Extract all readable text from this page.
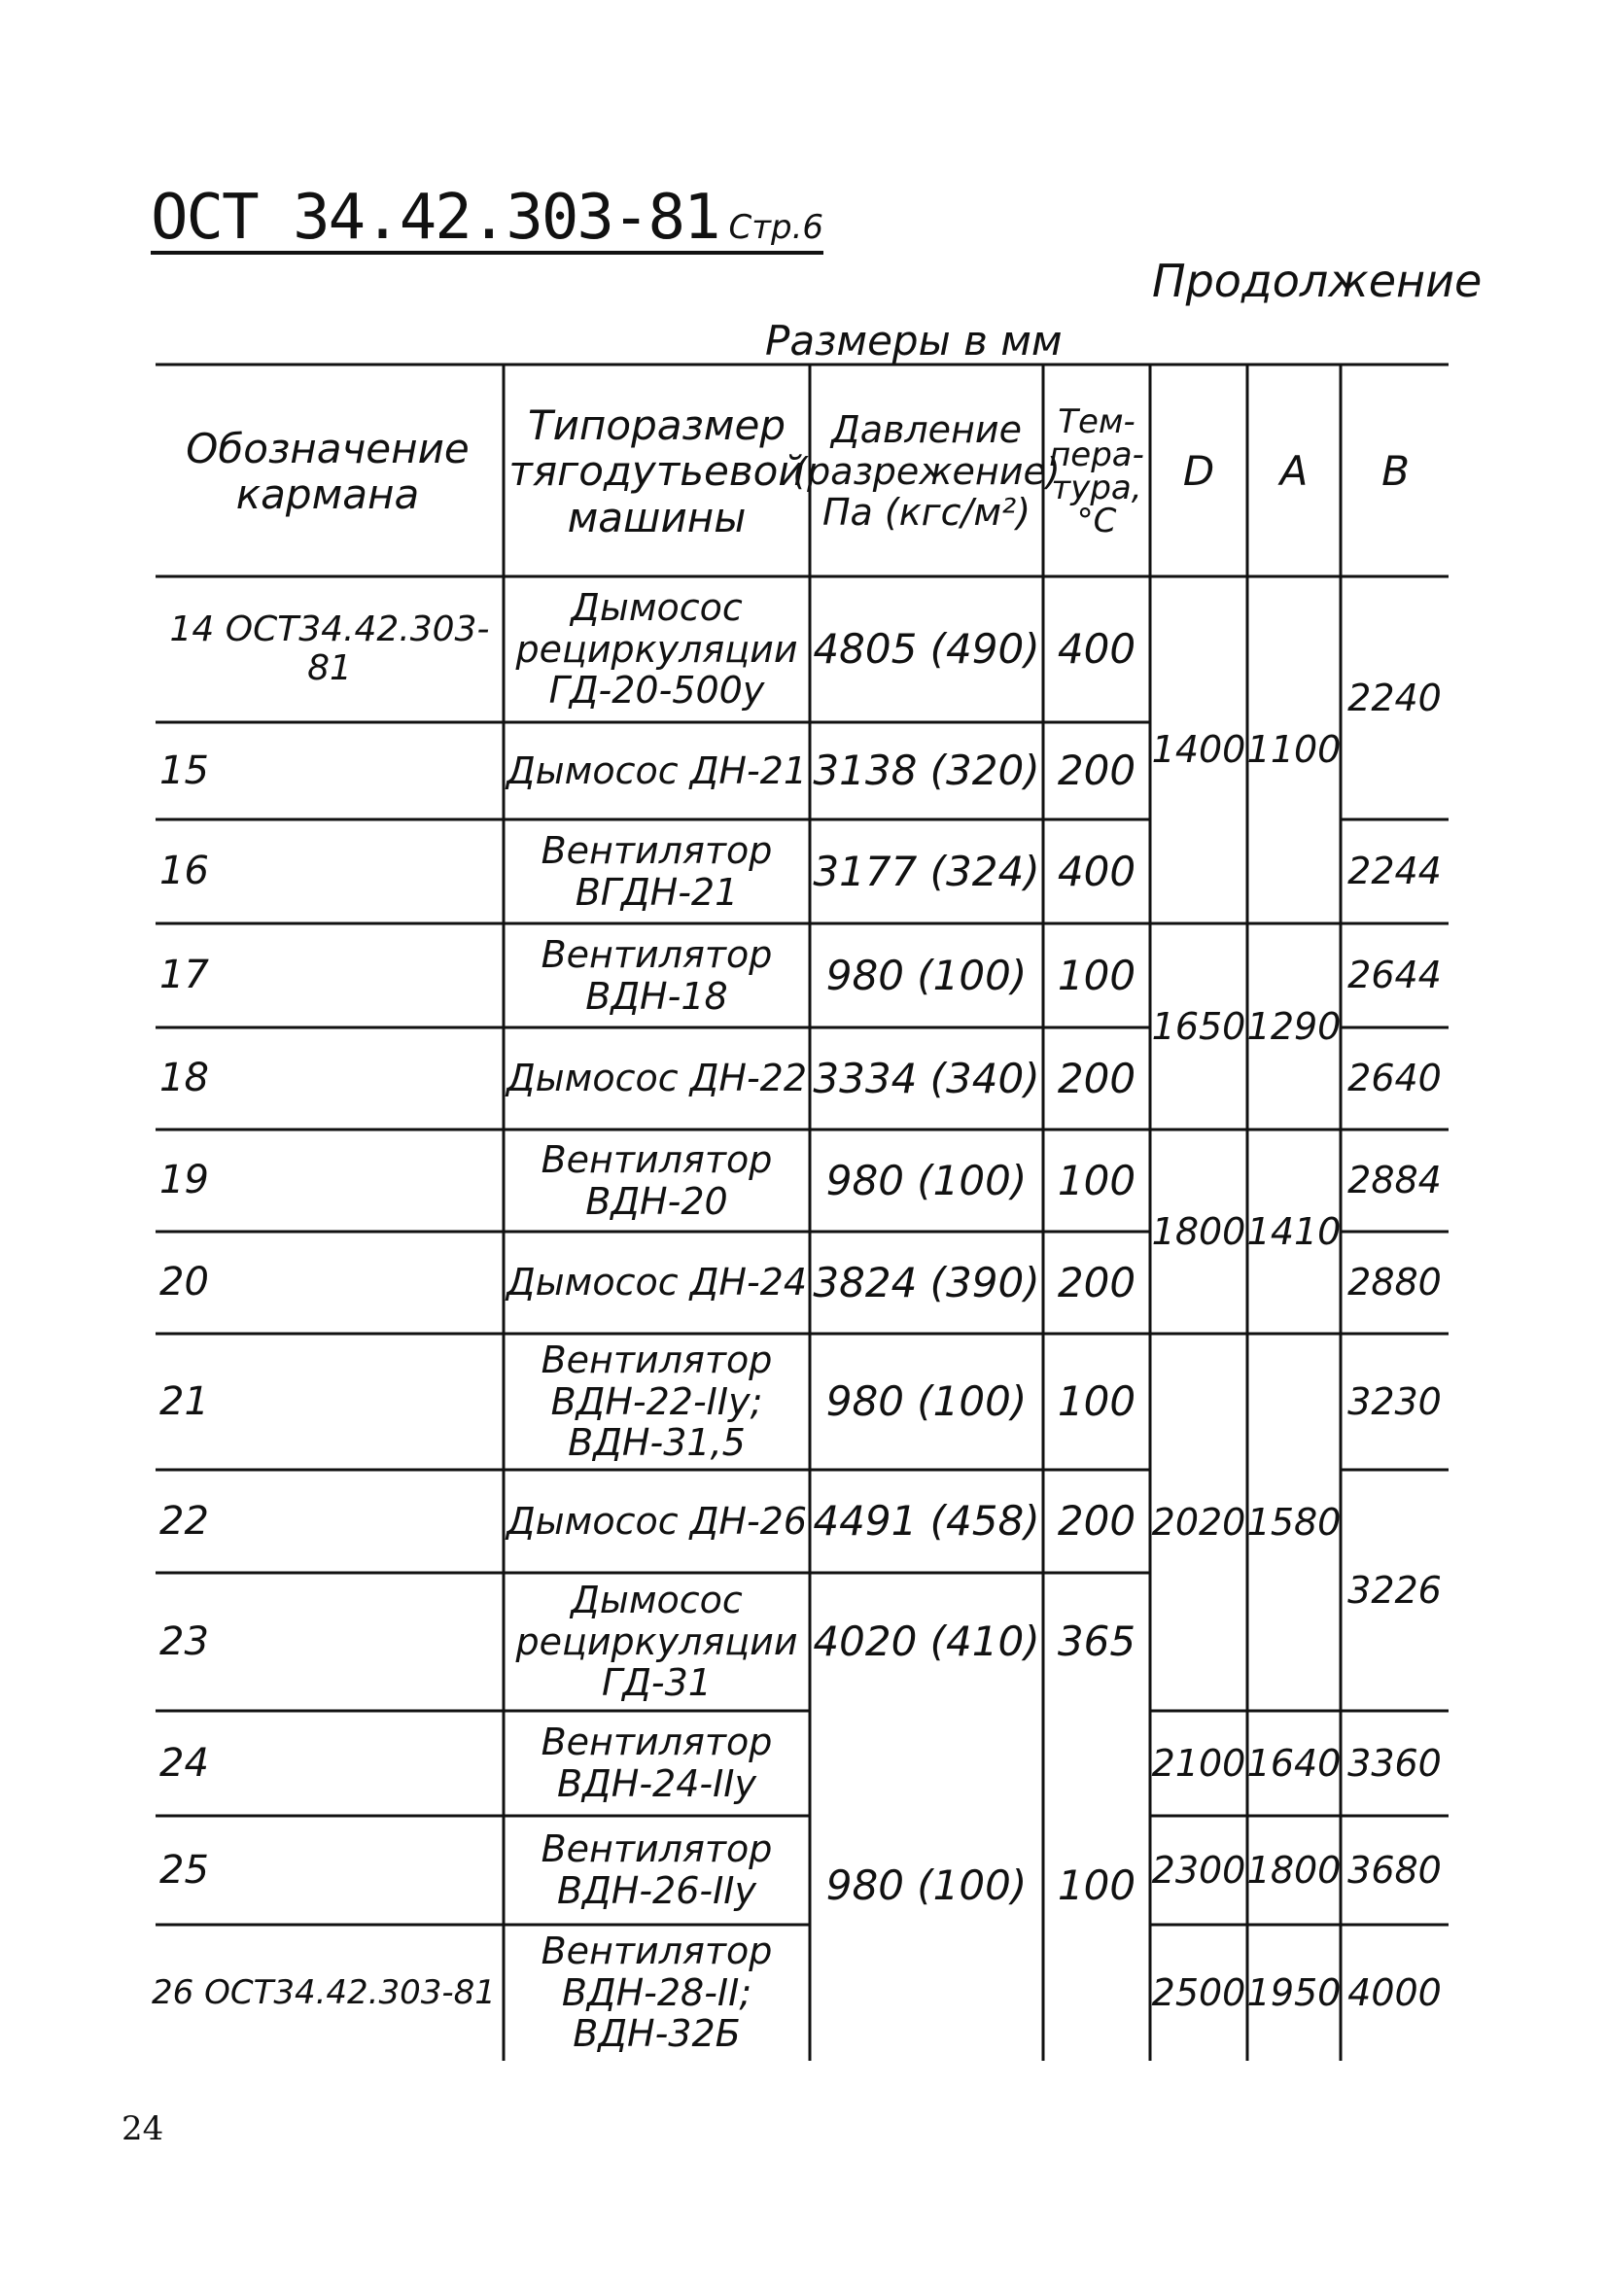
ОСТ 34.42.303-81 Стр.6
Продолжение
Размеры в мм
Обозначение
кармана
Типоразмер
тягодутьевой
машины
Давление
(разрежение)
Па (кгс/м²)
Тем-
пера-
тура,
°С
D	A	B
14 ОСТ34.42.303-81
15
16
17
18
19
20
21
22
23
24
25
26 ОСТ34.42.303-81
Дымосос
рециркуляции
ГД-20-500у
Дымосос ДН-21
Вентилятор
ВГДН-21
Вентилятор
ВДН-18
Дымосос ДН-22
Вентилятор
ВДН-20
Дымосос ДН-24
Вентилятор
ВДН-22-IIу;
ВДН-31,5
Дымосос ДН-26
Дымосос
рециркуляции
ГД-31
Вентилятор
ВДН-24-IIу
Вентилятор
ВДН-26-IIу
Вентилятор
ВДН-28-II;
ВДН-32Б
4805 (490)
3138 (320)
3177 (324)
980 (100)
3334 (340)
980 (100)
3824 (390)
980 (100)
4491 (458)
4020 (410)
980 (100)
400
200
400
100
200
100
200
100
200
365
100
1400
1650
1800
2020
2100
2300
2500
1100
1290
1410
1580
1640
1800
1950
2240
2244
2644
2640
2884
2880
3230
3226
3360
3680
4000
24
